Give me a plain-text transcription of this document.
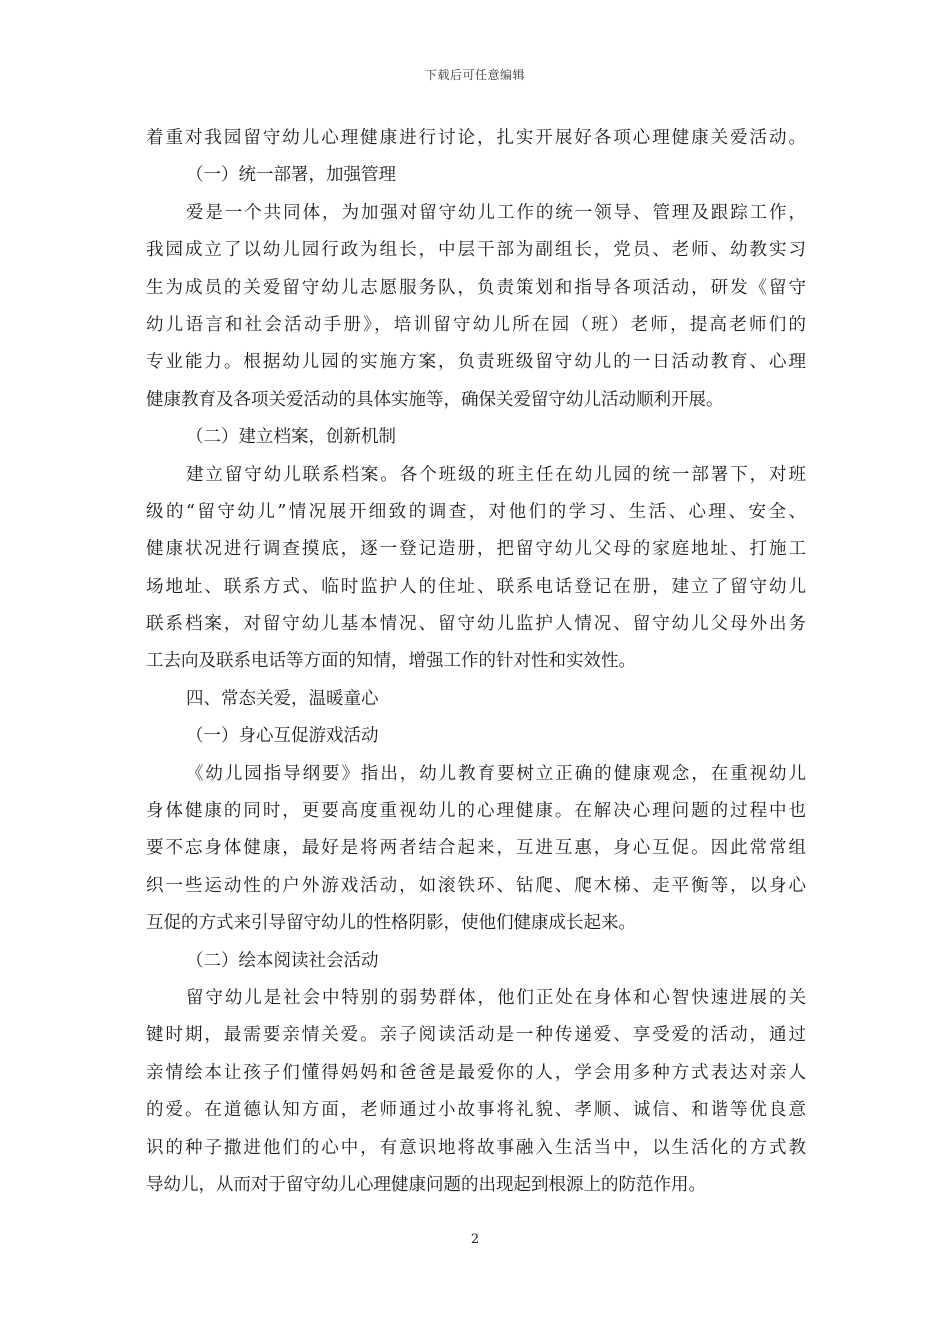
下载后可任意编辑
着重对我园留守幼儿心理健康进行讨论，扎实开展好各项心理健康关爱活动。
（一）统一部署，加强管理
爱是一个共同体，为加强对留守幼儿工作的统一领导、管理及跟踪工作，
我园成立了以幼儿园行政为组长，中层干部为副组长，党员、老师、幼教实习
生为成员的关爱留守幼儿志愿服务队，负责策划和指导各项活动，研发《留守
幼儿语言和社会活动手册》，培训留守幼儿所在园（班）老师，提高老师们的
专业能力。根据幼儿园的实施方案，负责班级留守幼儿的一日活动教育、心理
健康教育及各项关爱活动的具体实施等，确保关爱留守幼儿活动顺利开展。
（二）建立档案，创新机制
建立留守幼儿联系档案。各个班级的班主任在幼儿园的统一部署下，对班
级的“留守幼儿”情况展开细致的调查，对他们的学习、生活、心理、安全、
健康状况进行调查摸底，逐一登记造册，把留守幼儿父母的家庭地址、打施工
场地址、联系方式、临时监护人的住址、联系电话登记在册，建立了留守幼儿
联系档案，对留守幼儿基本情况、留守幼儿监护人情况、留守幼儿父母外出务
工去向及联系电话等方面的知情，增强工作的针对性和实效性。
四、常态关爱，温暖童心
（一）身心互促游戏活动
《幼儿园指导纲要》指出，幼儿教育要树立正确的健康观念，在重视幼儿
身体健康的同时，更要高度重视幼儿的心理健康。在解决心理问题的过程中也
要不忘身体健康，最好是将两者结合起来，互进互惠，身心互促。因此常常组
织一些运动性的户外游戏活动，如滚铁环、钻爬、爬木梯、走平衡等，以身心
互促的方式来引导留守幼儿的性格阴影，使他们健康成长起来。
（二）绘本阅读社会活动
留守幼儿是社会中特别的弱势群体，他们正处在身体和心智快速进展的关
键时期，最需要亲情关爱。亲子阅读活动是一种传递爱、享受爱的活动，通过
亲情绘本让孩子们懂得妈妈和爸爸是最爱你的人，学会用多种方式表达对亲人
的爱。在道德认知方面，老师通过小故事将礼貌、孝顺、诚信、和谐等优良意
识的种子撒进他们的心中，有意识地将故事融入生活当中，以生活化的方式教
导幼儿，从而对于留守幼儿心理健康问题的出现起到根源上的防范作用。
2
